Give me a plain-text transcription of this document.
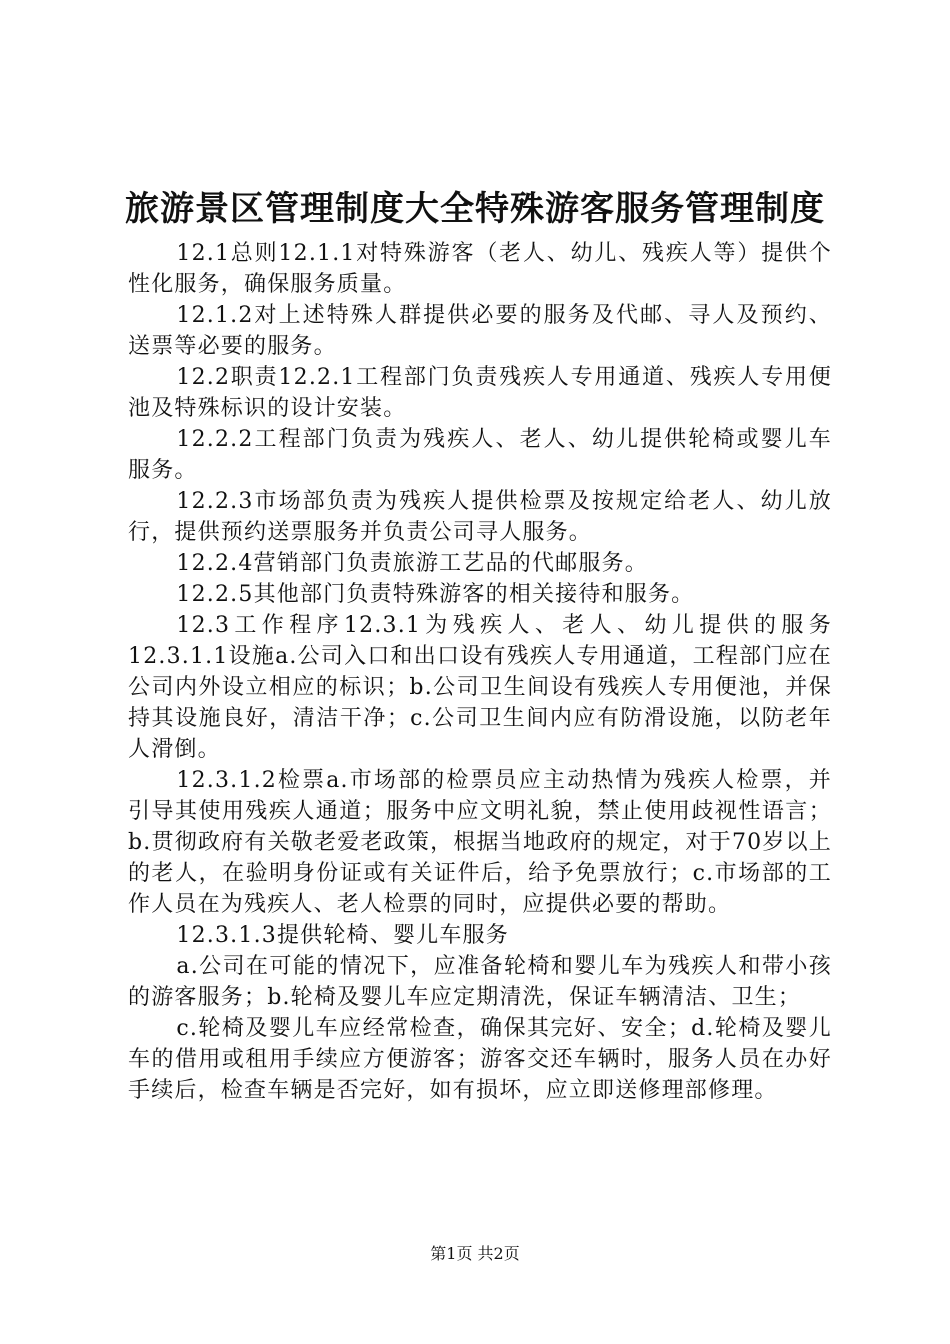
旅游景区管理制度大全特殊游客服务管理制度

12.1总则12.1.1对特殊游客（老人、幼儿、残疾人等）提供个性化服务，确保服务质量。

12.1.2对上述特殊人群提供必要的服务及代邮、寻人及预约、送票等必要的服务。

12.2职责12.2.1工程部门负责残疾人专用通道、残疾人专用便池及特殊标识的设计安装。

12.2.2工程部门负责为残疾人、老人、幼儿提供轮椅或婴儿车服务。

12.2.3市场部负责为残疾人提供检票及按规定给老人、幼儿放行，提供预约送票服务并负责公司寻人服务。

12.2.4营销部门负责旅游工艺品的代邮服务。

12.2.5其他部门负责特殊游客的相关接待和服务。

12.3工作程序12.3.1为残疾人、老人、幼儿提供的服务12.3.1.1设施a.公司入口和出口设有残疾人专用通道，工程部门应在公司内外设立相应的标识；b.公司卫生间设有残疾人专用便池，并保持其设施良好，清洁干净；c.公司卫生间内应有防滑设施，以防老年人滑倒。

12.3.1.2检票a.市场部的检票员应主动热情为残疾人检票，并引导其使用残疾人通道；服务中应文明礼貌，禁止使用歧视性语言；b.贯彻政府有关敬老爱老政策，根据当地政府的规定，对于70岁以上的老人，在验明身份证或有关证件后，给予免票放行；c.市场部的工作人员在为残疾人、老人检票的同时，应提供必要的帮助。

12.3.1.3提供轮椅、婴儿车服务

a.公司在可能的情况下，应准备轮椅和婴儿车为残疾人和带小孩的游客服务；b.轮椅及婴儿车应定期清洗，保证车辆清洁、卫生；

c.轮椅及婴儿车应经常检查，确保其完好、安全；d.轮椅及婴儿车的借用或租用手续应方便游客；游客交还车辆时，服务人员在办好手续后，检查车辆是否完好，如有损坏，应立即送修理部修理。

第1页 共2页
